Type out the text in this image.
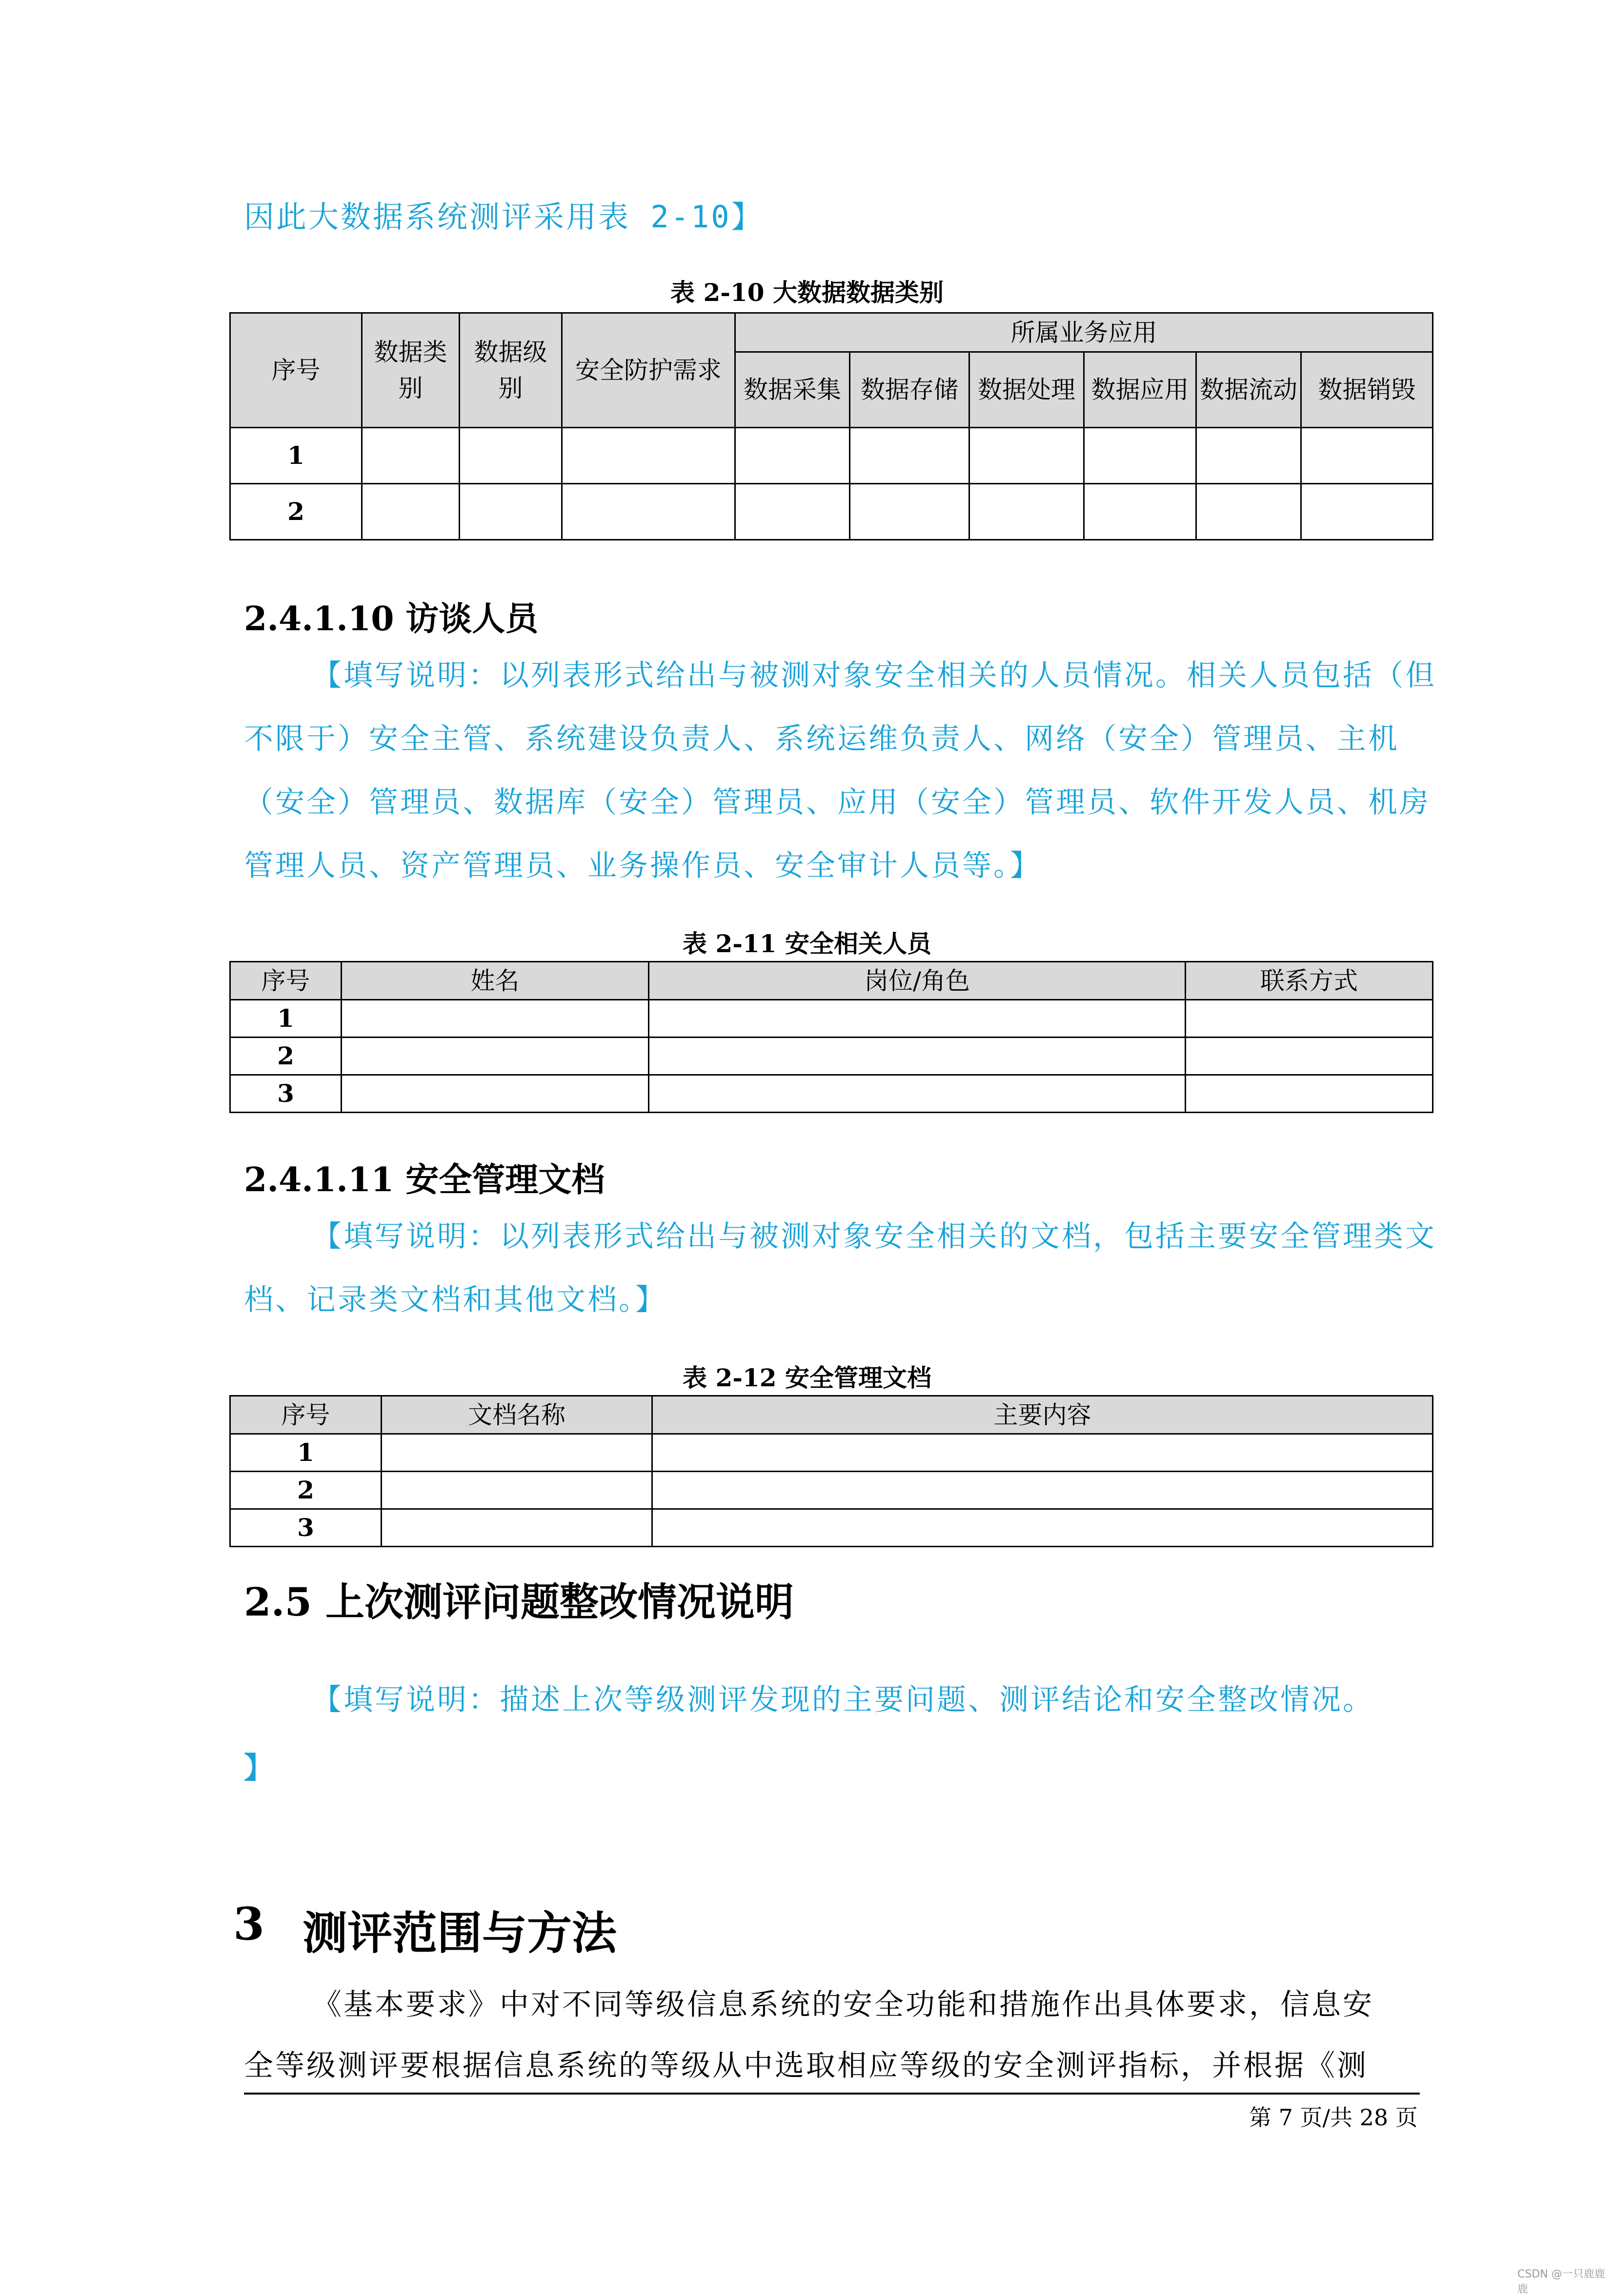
因此大数据系统测评采用表 2-10】
表 2-10 大数据数据类别
序号	数据类别	数据级别	安全防护需求	所属业务应用					
				数据采集	数据存储	数据处理	数据应用	数据流动	数据销毁
1									
2									
2.4.1.10 访谈人员
【填写说明：以列表形式给出与被测对象安全相关的人员情况。相关人员包括（但不限于）安全主管、系统建设负责人、系统运维负责人、网络（安全）管理员、主机（安全）管理员、数据库（安全）管理员、应用（安全）管理员、软件开发人员、机房管理人员、资产管理员、业务操作员、安全审计人员等。】
表 2-11 安全相关人员
序号	姓名	岗位/角色	联系方式
1			
2			
3			
2.4.1.11 安全管理文档
【填写说明：以列表形式给出与被测对象安全相关的文档，包括主要安全管理类文档、记录类文档和其他文档。】
表 2-12 安全管理文档
序号	文档名称	主要内容
1		
2		
3		
2.5 上次测评问题整改情况说明
【填写说明：描述上次等级测评发现的主要问题、测评结论和安全整改情况。
】
3 测评范围与方法
《基本要求》中对不同等级信息系统的安全功能和措施作出具体要求，信息安
全等级测评要根据信息系统的等级从中选取相应等级的安全测评指标，并根据《测
第 7 页/共 28 页
CSDN @一只鹿鹿鹿
